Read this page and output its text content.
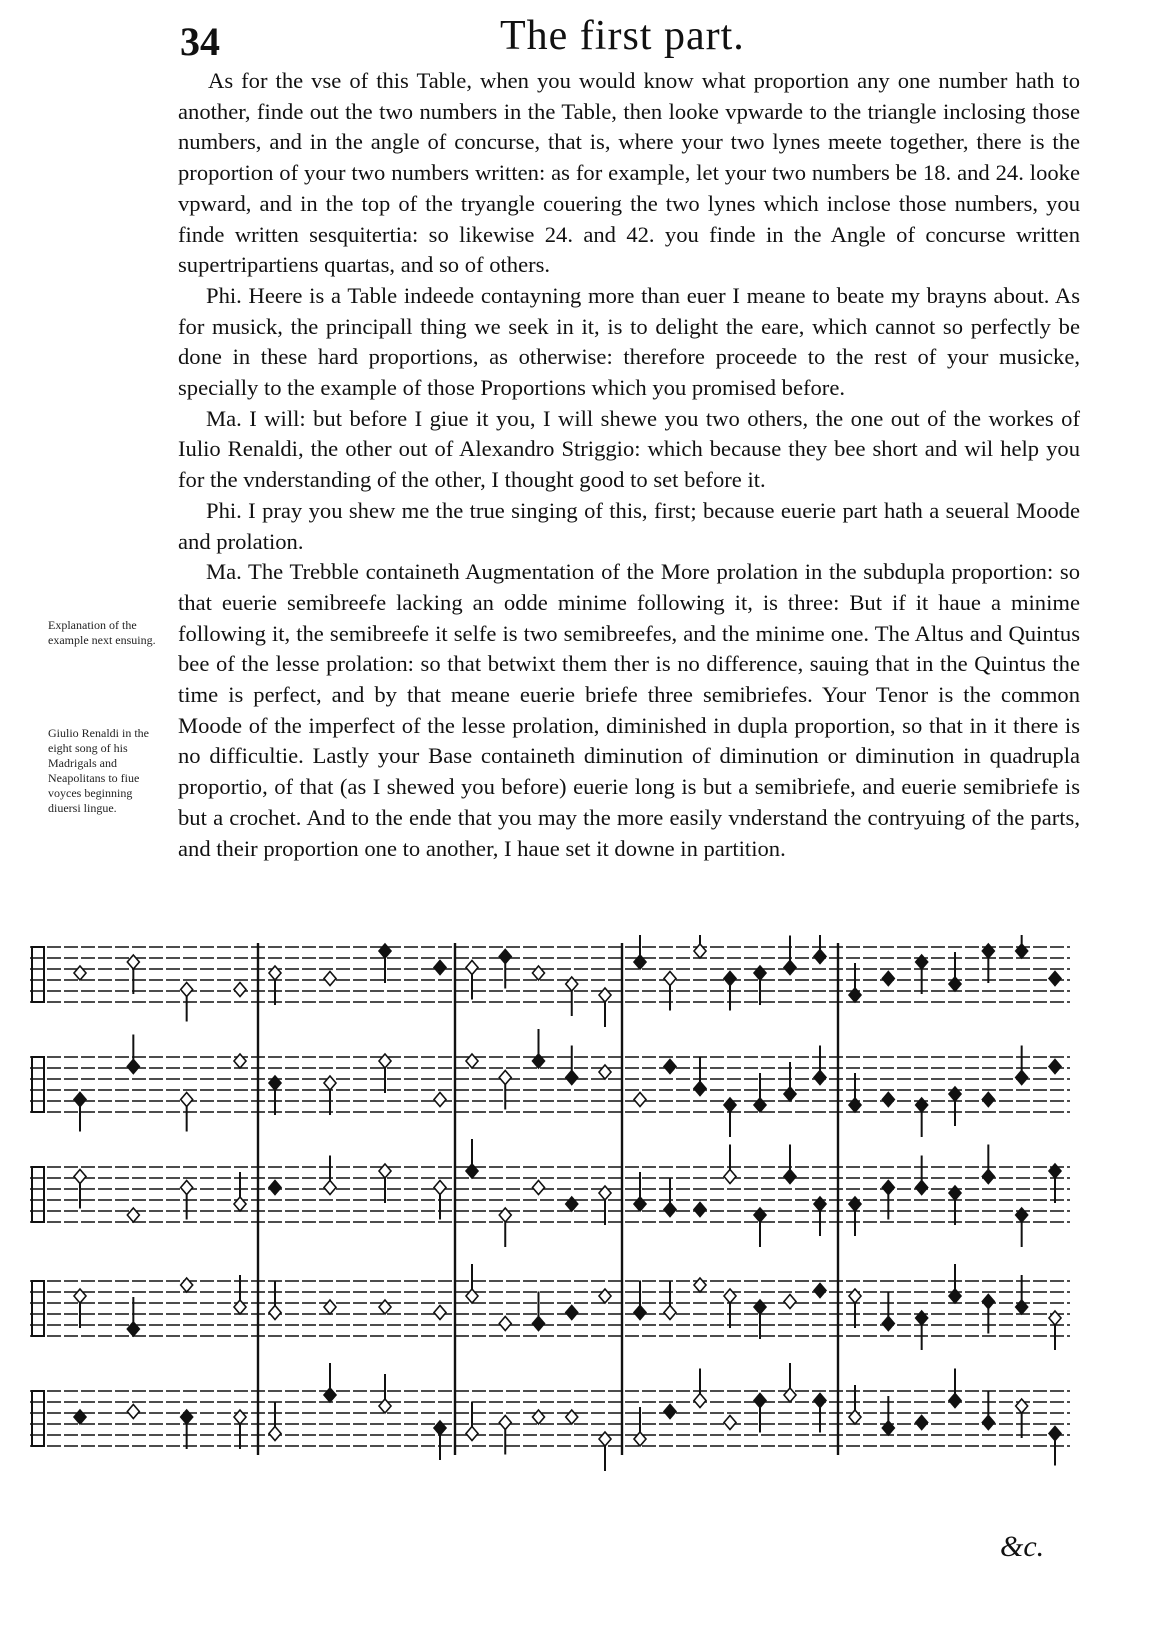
34	The first part.

As for the vse of this Table, when you would know what proportion any one number hath to another, finde out the two numbers in the Table, then looke vpwarde to the triangle inclosing those numbers, and in the angle of concurse, that is, where your two lynes meete together, there is the proportion of your two numbers written: as for example, let your two numbers be 18. and 24. looke vpward, and in the top of the tryangle couering the two lynes which inclose those numbers, you finde written sesquitertia: so likewise 24. and 42. you finde in the Angle of concurse written supertripartiens quartas, and so of others.

Phi. Heere is a Table indeede contayning more than euer I meane to beate my brayns about. As for musick, the principall thing we seek in it, is to delight the eare, which cannot so perfectly be done in these hard proportions, as otherwise: therefore proceede to the rest of your musicke, specially to the example of those Proportions which you promised before.

Ma. I will: but before I giue it you, I will shewe you two others, the one out of the workes of Iulio Renaldi, the other out of Alexandro Striggio: which because they bee short and wil help you for the vnderstanding of the other, I thought good to set before it.

Phi. I pray you shew me the true singing of this, first; because euerie part hath a seueral Moode and prolation.

Ma. The Trebble containeth Augmentation of the More prolation in the subdupla proportion: so that euerie semibreefe lacking an odde minime following it, is three: But if it haue a minime following it, the semibreefe it selfe is two semibreefes, and the minime one. The Altus and Quintus bee of the lesse prolation: so that betwixt them ther is no difference, sauing that in the Quintus the time is perfect, and by that meane euerie briefe three semibriefes. Your Tenor is the common Moode of the imperfect of the lesse prolation, diminished in dupla proportion, so that in it there is no difficultie. Lastly your Base containeth diminution of diminution or diminution in quadrupla proportio, of that (as I shewed you before) euerie long is but a semibriefe, and euerie semibriefe is but a crochet. And to the ende that you may the more easily vnderstand the contryuing of the parts, and their proportion one to another, I haue set it downe in partition.

Explanation of the example next ensuing.
Giulio Renaldi in the eight song of his Madrigals and Neapolitans to fiue voyces beginning diuersi lingue.
&c.
